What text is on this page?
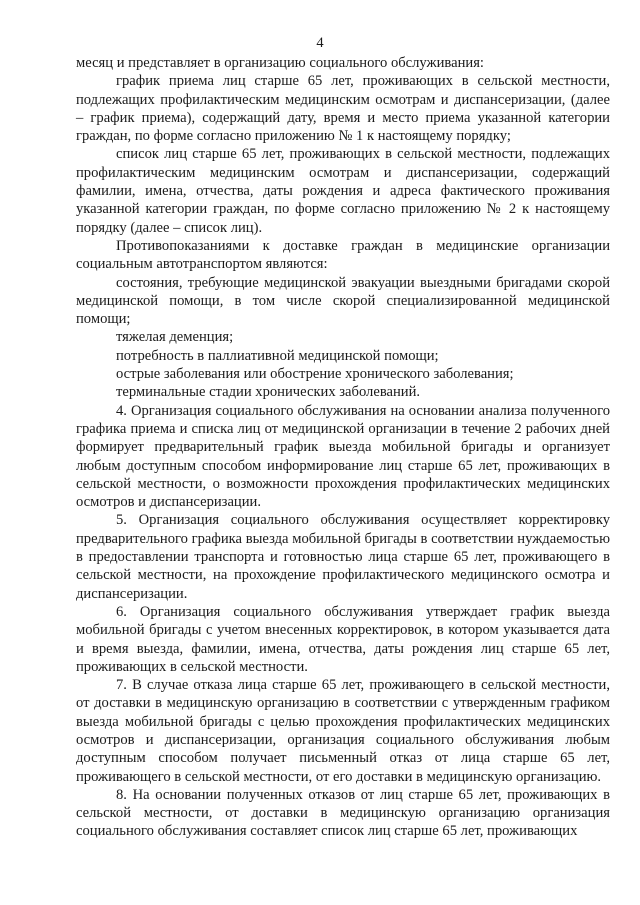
4

месяц и представляет в организацию социального обслуживания:

график приема лиц старше 65 лет, проживающих в сельской местности, подлежащих профилактическим медицинским осмотрам и диспансеризации, (далее – график приема), содержащий дату, время и место приема указанной категории граждан, по форме согласно приложению № 1 к настоящему порядку;

список лиц старше 65 лет, проживающих в сельской местности, подлежащих профилактическим медицинским осмотрам и диспансеризации, содержащий фамилии, имена, отчества, даты рождения и адреса фактического проживания указанной категории граждан, по форме согласно приложению № 2 к настоящему порядку (далее – список лиц).

Противопоказаниями к доставке граждан в медицинские организации социальным автотранспортом являются:

состояния, требующие медицинской эвакуации выездными бригадами скорой медицинской помощи, в том числе скорой специализированной медицинской помощи;

тяжелая деменция;

потребность в паллиативной медицинской помощи;

острые заболевания или обострение хронического заболевания;

терминальные стадии хронических заболеваний.

4. Организация социального обслуживания на основании анализа полученного графика приема и списка лиц от медицинской организации в течение 2 рабочих дней формирует предварительный график выезда мобильной бригады и организует любым доступным способом информирование лиц старше 65 лет, проживающих в сельской местности, о возможности прохождения профилактических медицинских осмотров и диспансеризации.

5. Организация социального обслуживания осуществляет корректировку предварительного графика выезда мобильной бригады в соответствии нуждаемостью в предоставлении транспорта и готовностью лица старше 65 лет, проживающего в сельской местности, на прохождение профилактического медицинского осмотра и диспансеризации.

6. Организация социального обслуживания утверждает график выезда мобильной бригады с учетом внесенных корректировок, в котором указывается дата и время выезда, фамилии, имена, отчества, даты рождения лиц старше 65 лет, проживающих в сельской местности.

7. В случае отказа лица старше 65 лет, проживающего в сельской местности, от доставки в медицинскую организацию в соответствии с утвержденным графиком выезда мобильной бригады с целью прохождения профилактических медицинских осмотров и диспансеризации, организация социального обслуживания любым доступным способом получает письменный отказ от лица старше 65 лет, проживающего в сельской местности, от его доставки в медицинскую организацию.

8. На основании полученных отказов от лиц старше 65 лет, проживающих в сельской местности, от доставки в медицинскую организацию организация социального обслуживания составляет список лиц старше 65 лет, проживающих
